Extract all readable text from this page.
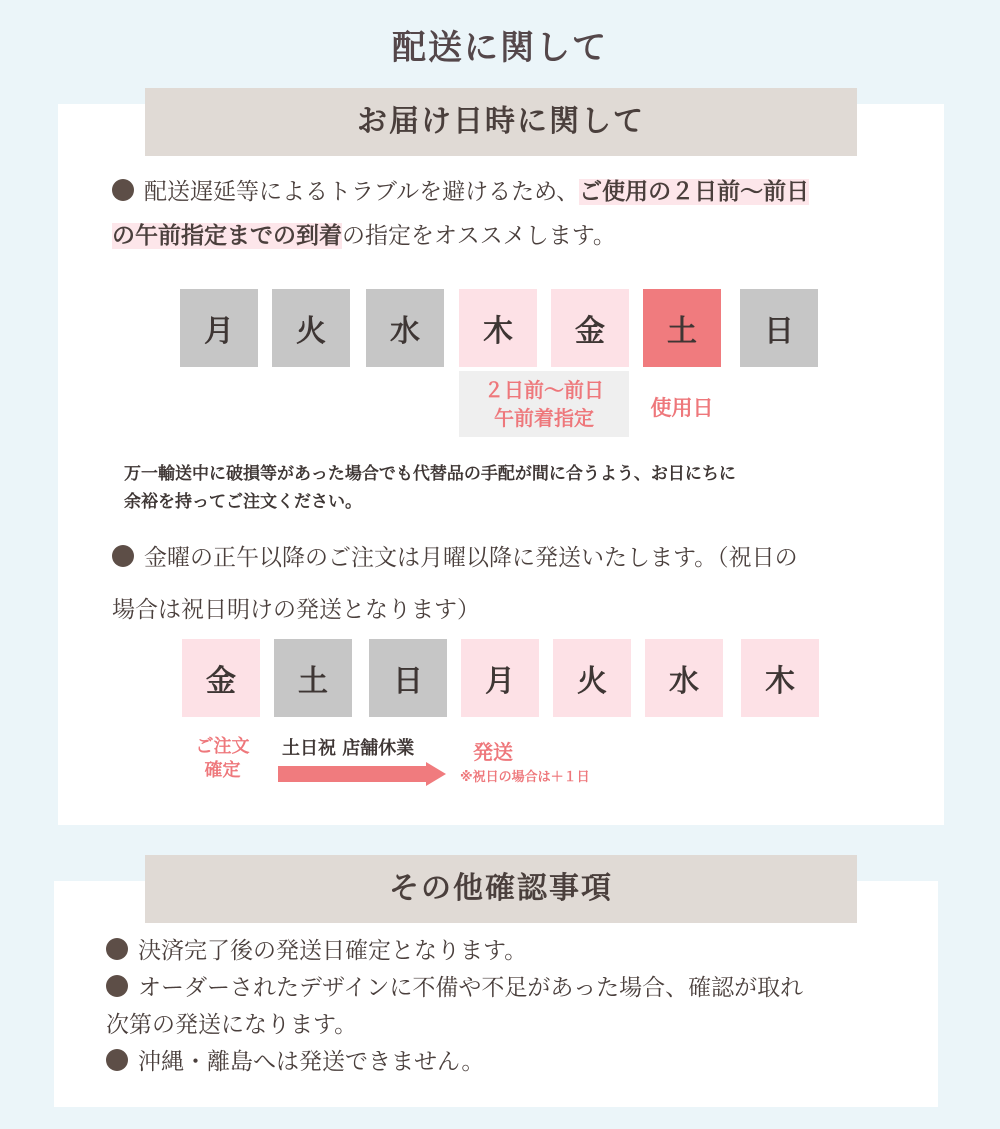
配送に関して
お届け日時に関して
配送遅延等によるトラブルを避けるため、ご使用の２日前〜前日
の午前指定までの到着の指定をオススメします。
月	火	水	木	金	土	日
２日前〜前日
午前着指定	使用日
万一輸送中に破損等があった場合でも代替品の手配が間に合うよう、お日にちに
余裕を持ってご注文ください。
金曜の正午以降のご注文は月曜以降に発送いたします。（祝日の
場合は祝日明けの発送となります）
金	土	日	月	火	水	木
ご注文
確定
土日祝 店舗休業	発送
※祝日の場合は＋１日
その他確認事項
決済完了後の発送日確定となります。
オーダーされたデザインに不備や不足があった場合、確認が取れ
次第の発送になります。
沖縄・離島へは発送できません。
